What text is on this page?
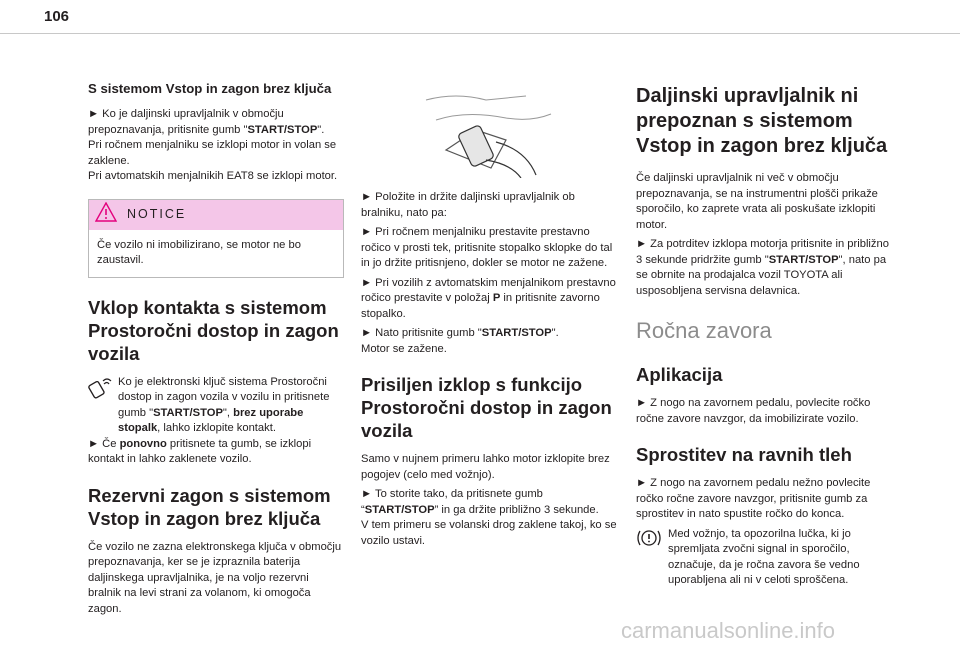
106
S sistemom Vstop in zagon brez ključa

► Ko je daljinski upravljalnik v območju prepoznavanja, pritisnite gumb "START/STOP".
Pri ročnem menjalniku se izklopi motor in volan se zaklene.
Pri avtomatskih menjalnikih EAT8 se izklopi motor.

NOTICE
Če vozilo ni imobilizirano, se motor ne bo zaustavil.
Vklop kontakta s sistemom Prostoročni dostop in zagon vozila
Ko je elektronski ključ sistema Prostoročni dostop in zagon vozila v vozilu in pritisnete gumb "START/STOP", brez uporabe stopalk, lahko izklopite kontakt.

► Če ponovno pritisnete ta gumb, se izklopi kontakt in lahko zaklenete vozilo.

Rezervni zagon s sistemom Vstop in zagon brez ključa

Če vozilo ne zazna elektronskega ključa v območju prepoznavanja, ker se je izpraznila baterija daljinskega upravljalnika, je na voljo rezervni bralnik na levi strani za volanom, ki omogoča zagon.

► Položite in držite daljinski upravljalnik ob bralniku, nato pa:

► Pri ročnem menjalniku prestavite prestavno ročico v prosti tek, pritisnite stopalko sklopke do tal in jo držite pritisnjeno, dokler se motor ne zažene.

► Pri vozilih z avtomatskim menjalnikom prestavno ročico prestavite v položaj P in pritisnite zavorno stopalko.

► Nato pritisnite gumb "START/STOP".
Motor se zažene.

Prisiljen izklop s funkcijo Prostoročni dostop in zagon vozila

Samo v nujnem primeru lahko motor izklopite brez pogojev (celo med vožnjo).

► To storite tako, da pritisnete gumb “START/STOP” in ga držite približno 3 sekunde.
V tem primeru se volanski drog zaklene takoj, ko se vozilo ustavi.

Daljinski upravljalnik ni prepoznan s sistemom Vstop in zagon brez ključa

Če daljinski upravljalnik ni več v območju prepoznavanja, se na instrumentni plošči prikaže sporočilo, ko zaprete vrata ali poskušate izklopiti motor.

► Za potrditev izklopa motorja pritisnite in približno 3 sekunde pridržite gumb "START/STOP", nato pa se obrnite na prodajalca vozil TOYOTA ali usposobljena servisna delavnica.

Ročna zavora
Aplikacija

► Z nogo na zavornem pedalu, povlecite ročko ročne zavore navzgor, da imobilizirate vozilo.

Sprostitev na ravnih tleh

► Z nogo na zavornem pedalu nežno povlecite ročko ročne zavore navzgor, pritisnite gumb za sprostitev in nato spustite ročko do konca.

Med vožnjo, ta opozorilna lučka, ki jo spremljata zvočni signal in sporočilo, označuje, da je ročna zavora še vedno uporabljena ali ni v celoti sproščena.
carmanualsonline.info
